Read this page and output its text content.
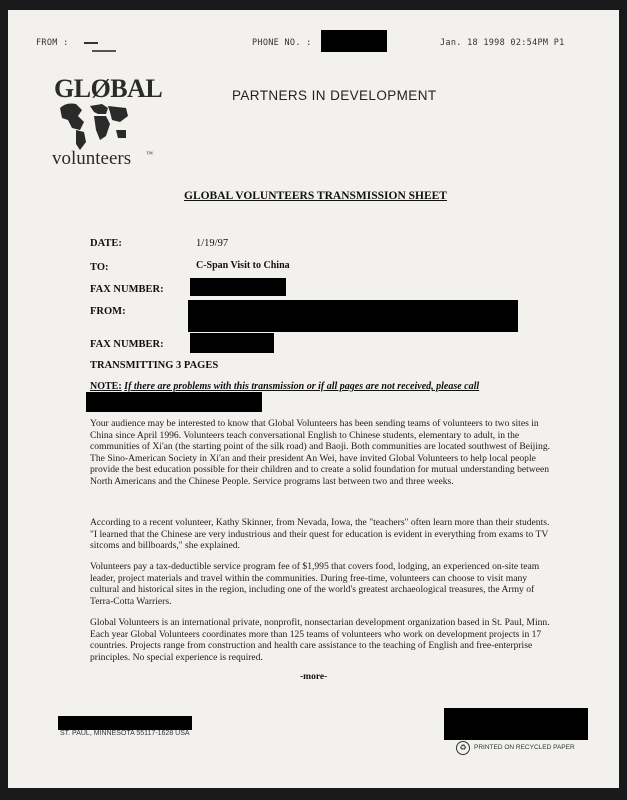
FROM :	PHONE NO. :	Jan. 18 1998 02:54PM P1
GLØBAL
volunteers ™
PARTNERS IN DEVELOPMENT
GLOBAL VOLUNTEERS TRANSMISSION SHEET
DATE:	1/19/97
TO:	C-Span Visit to China
FAX NUMBER:
FROM:
FAX NUMBER:
TRANSMITTING 3 PAGES
NOTE: If there are problems with this transmission or if all pages are not received, please call
Your audience may be interested to know that Global Volunteers has been sending teams of volunteers to two sites in China since April 1996. Volunteers teach conversational English to Chinese students, elementary to adult, in the communities of Xi'an (the starting point of the silk road) and Baoji. Both communities are located southwest of Beijing. The Sino-American Society in Xi'an and their president An Wei, have invited Global Volunteers to help local people provide the best education possible for their children and to create a solid foundation for mutual understanding between North Americans and the Chinese People. Service programs last between two and three weeks.
According to a recent volunteer, Kathy Skinner, from Nevada, Iowa, the "teachers" often learn more than their students. "I learned that the Chinese are very industrious and their quest for education is evident in everything from exams to TV sitcoms and billboards," she explained.
Volunteers pay a tax-deductible service program fee of $1,995 that covers food, lodging, an experienced on-site team leader, project materials and travel within the communities. During free-time, volunteers can choose to visit many cultural and historical sites in the region, including one of the world's greatest archaeological treasures, the Army of Terra-Cotta Warriers.
Global Volunteers is an international private, nonprofit, nonsectarian development organization based in St. Paul, Minn. Each year Global Volunteers coordinates more than 125 teams of volunteers who work on development projects in 17 countries. Projects range from construction and health care assistance to the teaching of English and free-enterprise principles. No special experience is required.
-more-
ST. PAUL, MINNESOTA 55117-1628 USA
♻	PRINTED ON RECYCLED PAPER
